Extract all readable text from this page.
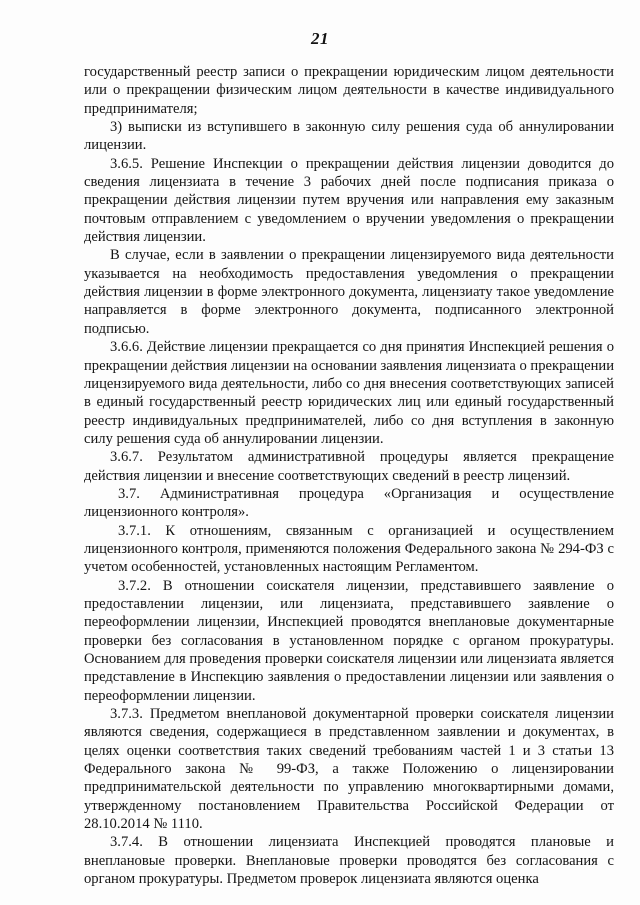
21

государственный реестр записи о прекращении юридическим лицом деятельности или о прекращении физическим лицом деятельности в качестве индивидуального предпринимателя;

3) выписки из вступившего в законную силу решения суда об аннулировании лицензии.

3.6.5. Решение Инспекции о прекращении действия лицензии доводится до сведения лицензиата в течение 3 рабочих дней после подписания приказа о прекращении действия лицензии путем вручения или направления ему заказным почтовым отправлением с уведомлением о вручении уведомления о прекращении действия лицензии.

В случае, если в заявлении о прекращении лицензируемого вида деятельности указывается на необходимость предоставления уведомления о прекращении действия лицензии в форме электронного документа, лицензиату такое уведомление направляется в форме электронного документа, подписанного электронной подписью.

3.6.6. Действие лицензии прекращается со дня принятия Инспекцией решения о прекращении действия лицензии на основании заявления лицензиата о прекращении лицензируемого вида деятельности, либо со дня внесения соответствующих записей в единый государственный реестр юридических лиц или единый государственный реестр индивидуальных предпринимателей, либо со дня вступления в законную силу решения суда об аннулировании лицензии.

3.6.7. Результатом административной процедуры является прекращение действия лицензии и внесение соответствующих сведений в реестр лицензий.

3.7. Административная процедура «Организация и осуществление лицензионного контроля».

3.7.1. К отношениям, связанным с организацией и осуществлением лицензионного контроля, применяются положения Федерального закона № 294-ФЗ с учетом особенностей, установленных настоящим Регламентом.

3.7.2. В отношении соискателя лицензии, представившего заявление о предоставлении лицензии, или лицензиата, представившего заявление о переоформлении лицензии, Инспекцией проводятся внеплановые документарные проверки без согласования в установленном порядке с органом прокуратуры. Основанием для проведения проверки соискателя лицензии или лицензиата является представление в Инспекцию заявления о предоставлении лицензии или заявления о переоформлении лицензии.

3.7.3. Предметом внеплановой документарной проверки соискателя лицензии являются сведения, содержащиеся в представленном заявлении и документах, в целях оценки соответствия таких сведений требованиям частей 1 и 3 статьи 13 Федерального закона № 99-ФЗ, а также Положению о лицензировании предпринимательской деятельности по управлению многоквартирными домами, утвержденному постановлением Правительства Российской Федерации от 28.10.2014 № 1110.

3.7.4. В отношении лицензиата Инспекцией проводятся плановые и внеплановые проверки. Внеплановые проверки проводятся без согласования с органом прокуратуры. Предметом проверок лицензиата являются оценка
